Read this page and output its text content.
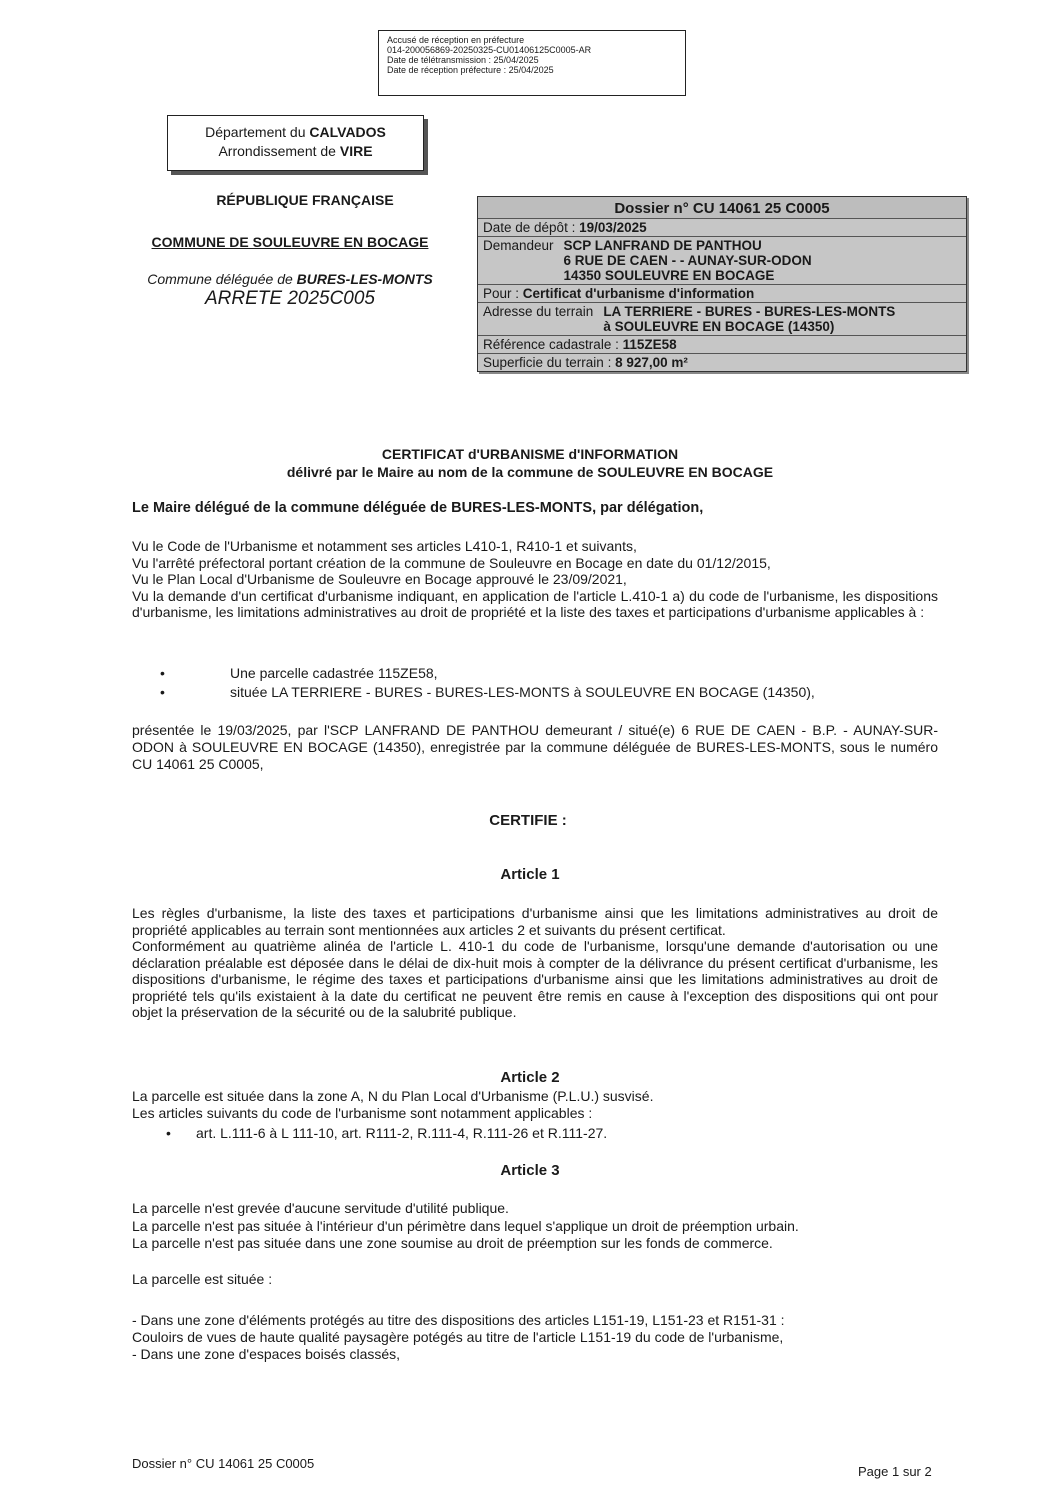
Accusé de réception en préfecture
014-200056869-20250325-CU01406125C0005-AR
Date de télétransmission : 25/04/2025
Date de réception préfecture : 25/04/2025
Département du CALVADOS
Arrondissement de VIRE
RÉPUBLIQUE FRANÇAISE
COMMUNE DE SOULEUVRE EN BOCAGE
Commune déléguée de BURES-LES-MONTS
ARRETE 2025C005
Dossier n° CU 14061 25 C0005
Date de dépôt : 19/03/2025
Demandeur SCP LANFRAND DE PANTHOU
6 RUE DE CAEN - - AUNAY-SUR-ODON
14350 SOULEUVRE EN BOCAGE
Pour : Certificat d'urbanisme d'information
Adresse du terrain LA TERRIERE - BURES - BURES-LES-MONTS
à SOULEUVRE EN BOCAGE (14350)
Référence cadastrale : 115ZE58
Superficie du terrain : 8 927,00 m²
CERTIFICAT d'URBANISME d'INFORMATION
délivré par le Maire au nom de la commune de SOULEUVRE EN BOCAGE
Le Maire délégué de la commune déléguée de BURES-LES-MONTS, par délégation,
Vu le Code de l'Urbanisme et notamment ses articles L410-1, R410-1 et suivants,
Vu l'arrêté préfectoral portant création de la commune de Souleuvre en Bocage en date du 01/12/2015,
Vu le Plan Local d'Urbanisme de Souleuvre en Bocage approuvé le 23/09/2021,
Vu la demande d'un certificat d'urbanisme indiquant, en application de l'article L.410-1 a) du code de l'urbanisme, les dispositions d'urbanisme, les limitations administratives au droit de propriété et la liste des taxes et participations d'urbanisme applicables à :
•	Une parcelle cadastrée 115ZE58,
•	située LA TERRIERE - BURES - BURES-LES-MONTS à SOULEUVRE EN BOCAGE (14350),
présentée le 19/03/2025, par l'SCP LANFRAND DE PANTHOU demeurant / situé(e) 6 RUE DE CAEN - B.P. - AUNAY-SUR-ODON à SOULEUVRE EN BOCAGE (14350), enregistrée par la commune déléguée de BURES-LES-MONTS, sous le numéro CU 14061 25 C0005,
CERTIFIE :
Article 1
Les règles d'urbanisme, la liste des taxes et participations d'urbanisme ainsi que les limitations administratives au droit de propriété applicables au terrain sont mentionnées aux articles 2 et suivants du présent certificat.
Conformément au quatrième alinéa de l'article L. 410-1 du code de l'urbanisme, lorsqu'une demande d'autorisation ou une déclaration préalable est déposée dans le délai de dix-huit mois à compter de la délivrance du présent certificat d'urbanisme, les dispositions d'urbanisme, le régime des taxes et participations d'urbanisme ainsi que les limitations administratives au droit de propriété tels qu'ils existaient à la date du certificat ne peuvent être remis en cause à l'exception des dispositions qui ont pour objet la préservation de la sécurité ou de la salubrité publique.
Article 2
La parcelle est située dans la zone A, N du Plan Local d'Urbanisme (P.L.U.) susvisé.
Les articles suivants du code de l'urbanisme sont notamment applicables :
•	art. L.111-6 à L 111-10, art. R111-2, R.111-4, R.111-26 et R.111-27.
Article 3
La parcelle n'est grevée d'aucune servitude d'utilité publique.
La parcelle n'est pas située à l'intérieur d'un périmètre dans lequel s'applique un droit de préemption urbain.
La parcelle n'est pas située dans une zone soumise au droit de préemption sur les fonds de commerce.
La parcelle est située :
- Dans une zone d'éléments protégés au titre des dispositions des articles L151-19, L151-23 et R151-31 :
Couloirs de vues de haute qualité paysagère potégés au titre de l'article L151-19 du code de l'urbanisme,
- Dans une zone d'espaces boisés classés,
Dossier n° CU 14061 25 C0005
Page 1 sur 2
